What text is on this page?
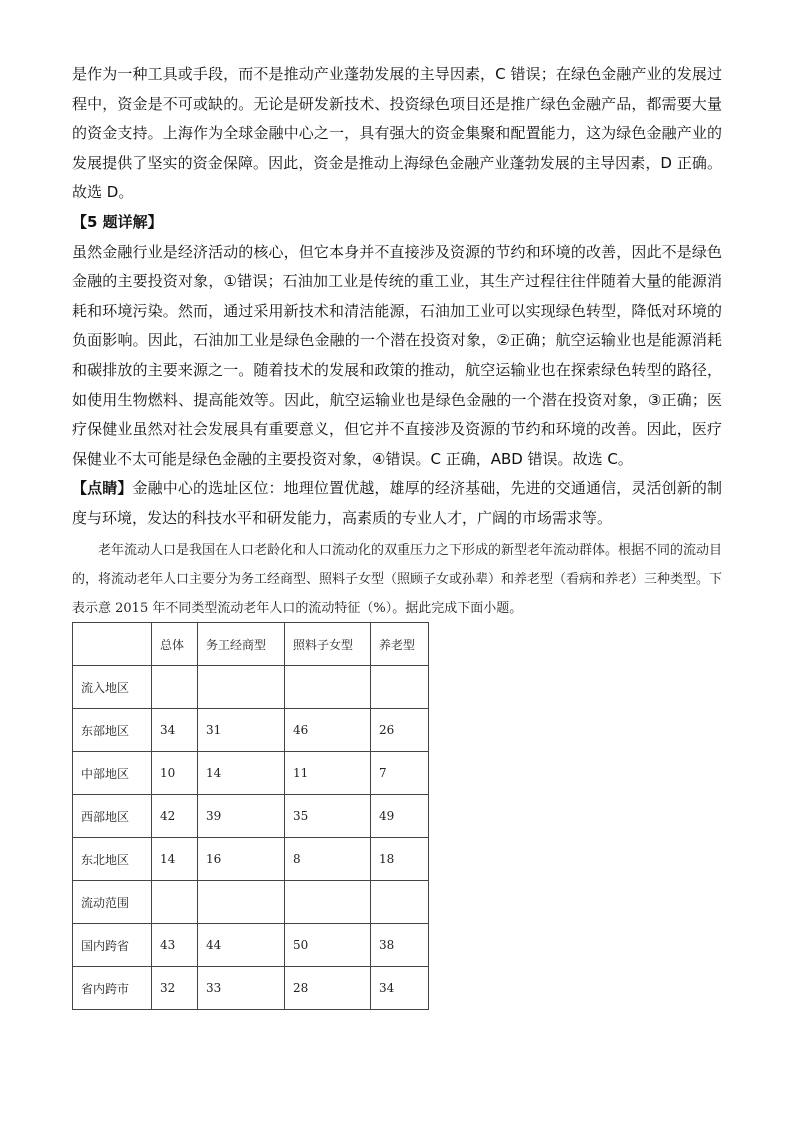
是作为一种工具或手段，而不是推动产业蓬勃发展的主导因素，C 错误；在绿色金融产业的发展过程中，资金是不可或缺的。无论是研发新技术、投资绿色项目还是推广绿色金融产品，都需要大量的资金支持。上海作为全球金融中心之一，具有强大的资金集聚和配置能力，这为绿色金融产业的发展提供了坚实的资金保障。因此，资金是推动上海绿色金融产业蓬勃发展的主导因素，D 正确。故选 D。

【5 题详解】

虽然金融行业是经济活动的核心，但它本身并不直接涉及资源的节约和环境的改善，因此不是绿色金融的主要投资对象，①错误；石油加工业是传统的重工业，其生产过程往往伴随着大量的能源消耗和环境污染。然而，通过采用新技术和清洁能源，石油加工业可以实现绿色转型，降低对环境的负面影响。因此，石油加工业是绿色金融的一个潜在投资对象，②正确；航空运输业也是能源消耗和碳排放的主要来源之一。随着技术的发展和政策的推动，航空运输业也在探索绿色转型的路径，如使用生物燃料、提高能效等。因此，航空运输业也是绿色金融的一个潜在投资对象，③正确；医疗保健业虽然对社会发展具有重要意义，但它并不直接涉及资源的节约和环境的改善。因此，医疗保健业不太可能是绿色金融的主要投资对象，④错误。C 正确，ABD 错误。故选 C。

【点睛】金融中心的选址区位：地理位置优越，雄厚的经济基础，先进的交通通信，灵活创新的制度与环境，发达的科技水平和研发能力，高素质的专业人才，广阔的市场需求等。

老年流动人口是我国在人口老龄化和人口流动化的双重压力之下形成的新型老年流动群体。根据不同的流动目的，将流动老年人口主要分为务工经商型、照料子女型（照顾子女或孙辈）和养老型（看病和养老）三种类型。下表示意 2015 年不同类型流动老年人口的流动特征（%）。据此完成下面小题。

	总体	务工经商型	照料子女型	养老型
流入地区				
东部地区	34	31	46	26
中部地区	10	14	11	7
西部地区	42	39	35	49
东北地区	14	16	8	18
流动范围				
国内跨省	43	44	50	38
省内跨市	32	33	28	34
